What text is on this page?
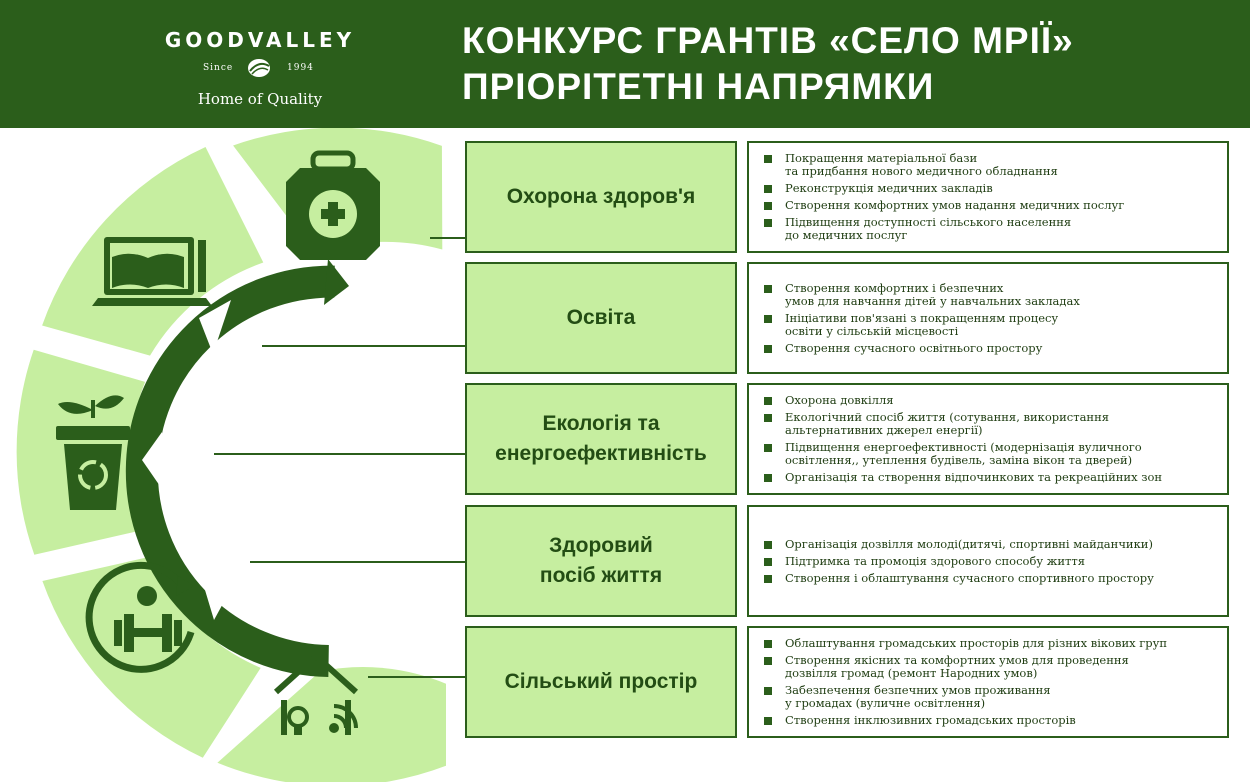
GOODVALLEY
Since	1994
Home of Quality
КОНКУРС ГРАНТІВ «СЕЛО МРІЇ»
ПРІОРІТЕТНІ НАПРЯМКИ
Охорона здоров'я
Покращення матеріальної бази
та придбання нового медичного обладнання
Реконструкція медичних закладів
Створення комфортних умов надання медичних послуг
Підвищення доступності сільського населення
до медичних послуг
Освіта
Створення комфортних і безпечних
умов для навчання дітей у навчальних закладах
Ініціативи пов'язані з покращенням процесу
освіти у сільській місцевості
Створення сучасного освітнього простору
Екологія та
енергоефективність
Охорона довкілля
Екологічний спосіб життя (сотування, використання
альтернативних джерел енергії)
Підвищення енергоефективності (модернізація вуличного
освітлення,, утеплення будівель, заміна вікон та дверей)
Організація та створення відпочинкових та рекреаційних зон
Здоровий
посіб життя
Організація дозвілля молоді(дитячі, спортивні майданчики)
Підтримка та промоція здорового способу життя
Створення і облаштування сучасного спортивного простору
Сільський простір
Облаштування громадських просторів для різних вікових груп
Створення якісних та комфортних умов для проведення
дозвілля громад (ремонт Народних умов)
Забезпечення безпечних умов проживання
у громадах (вуличне освітлення)
Створення інклюзивних громадських просторів
